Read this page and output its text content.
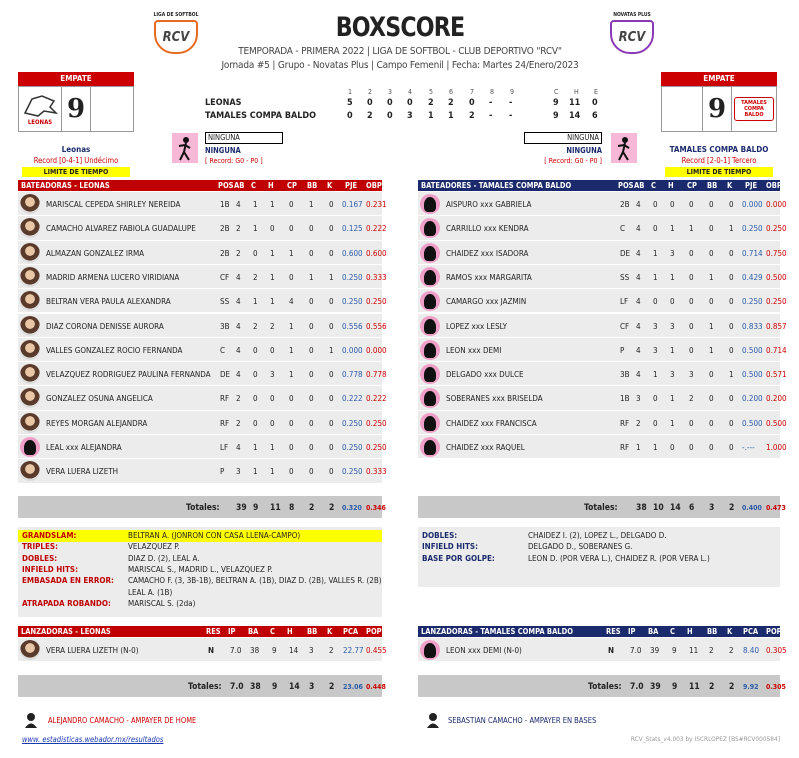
LIGA DE SOFTBOL
RCV
NOVATAS PLUS
RCV
BOXSCORE
TEMPORADA - PRIMERA 2022 | LIGA DE SOFTBOL - CLUB DEPORTIVO "RCV"
Jornada #5 | Grupo - Novatas Plus | Campo Femenil | Fecha: Martes 24/Enero/2023
EMPATE
LEONAS 9
Leonas
Record [0-4-1] Undécimo
LIMITE DE TIEMPO
EMPATE
9	TAMALES COMPA BALDO
TAMALES COMPA BALDO
Record [2-0-1] Tercero
LIMITE DE TIEMPO
1 2 3 4 5 6 7 8 9	C H E
LEONAS	5 0 0 0 2 2 0 - -	9 11 0
TAMALES COMPA BALDO	0 2 0 3 1 1 2 - -	9 14 6
NINGUNA
NINGUNA
[ Record: G0 - P0 ]
NINGUNA
NINGUNA
[ Record: G0 - P0 ]
BATEADORAS - LEONAS	POS AB C H CP BB K PJE OBP
MARISCAL CEPEDA SHIRLEY NEREIDA	1B 4 1 1 0 1 0 0.167 0.231
CAMACHO ALVAREZ FABIOLA GUADALUPE	2B 2 1 0 0 0 0 0.125 0.222
ALMAZAN GONZALEZ IRMA	2B 2 0 1 1 0 0 0.600 0.600
MADRID ARMENA LUCERO VIRIDIANA	CF 4 2 1 0 1 1 0.250 0.333
BELTRAN VERA PAULA ALEXANDRA	SS 4 1 1 4 0 0 0.250 0.250
DIAZ CORONA DENISSE AURORA	3B 4 2 2 1 0 0 0.556 0.556
VALLES GONZALEZ ROCIO FERNANDA	C 4 0 0 1 0 1 0.000 0.000
VELAZQUEZ RODRIGUEZ PAULINA FERNANDA DE 4 0 3 1 0 0 0.778 0.778
GONZALEZ OSUNA ANGELICA	RF 2 0 0 0 0 0 0.222 0.222
REYES MORGAN ALEJANDRA	RF 2 0 0 0 0 0 0.250 0.250
LEAL xxx ALEJANDRA	LF 4 1 1 0 0 0 0.250 0.250
VERA LUERA LIZETH	P 3 1 1 0 0 0 0.250 0.333
Totales: 39 9 11 8 2 2 0.320 0.346
BATEADORES - TAMALES COMPA BALDO	POS AB C H CP BB K PJE OBP
AISPURO xxx GABRIELA	2B 4 0 0 0 0 0 0.000 0.000
CARRILLO xxx KENDRA	C 4 0 1 1 0 1 0.250 0.250
CHAIDEZ xxx ISADORA	DE 4 1 3 0 0 0 0.714 0.750
RAMOS xxx MARGARITA	SS 4 1 1 0 1 0 0.429 0.500
CAMARGO xxx JAZMIN	LF 4 0 0 0 0 0 0.250 0.250
LOPEZ xxx LESLY	CF 4 3 3 0 1 0 0.833 0.857
LEON xxx DEMI	P 4 3 1 0 1 0 0.500 0.714
DELGADO xxx DULCE	3B 4 1 3 3 0 1 0.500 0.571
SOBERANES xxx BRISELDA	1B 3 0 1 2 0 0 0.200 0.200
CHAIDEZ xxx FRANCISCA	RF 2 0 1 0 0 0 0.500 0.500
CHAIDEZ xxx RAQUEL	RF 1 1 0 0 0 0 -.--- 1.000
Totales: 38 10 14 6 3 2 0.400 0.473
GRANDSLAM:	BELTRAN A. (JONRON CON CASA LLENA-CAMPO)
TRIPLES:	VELAZQUEZ P.
DOBLES:	DIAZ D. (2), LEAL A.
INFIELD HITS:	MARISCAL S., MADRID L., VELAZQUEZ P.
EMBASADA EN ERROR: CAMACHO F. (3, 3B-1B), BELTRAN A. (1B), DIAZ D. (2B), VALLES R. (2B)
LEAL A. (1B)
ATRAPADA ROBANDO: MARISCAL S. (2da)
DOBLES:	CHAIDEZ I. (2), LOPEZ L., DELGADO D.
INFIELD HITS:	DELGADO D., SOBERANES G.
BASE POR GOLPE:	LEON D. (POR VERA L.), CHAIDEZ R. (POR VERA L.)
LANZADORAS - LEONAS	RES IP BA C H BB K PCA POP
VERA LUERA LIZETH (N-0)	N 7.0 38 9 14 3 2 22.77 0.455
Totales: 7.0 38 9 14 3 2 23.06 0.448
LANZADORAS - TAMALES COMPA BALDO	RES IP BA C H BB K PCA POP
LEON xxx DEMI (N-0)	N 7.0 39 9 11 2 2 8.40 0.305
Totales: 7.0 39 9 11 2 2 9.92 0.305
ALEJANDRO CAMACHO - AMPAYER DE HOME	SEBASTIAN CAMACHO - AMPAYER EN BASES
www. estadisticas.webador.mx/resultados	RCV_Stats_v4.003 by ISCRLOPEZ [BS#RCV000584]
